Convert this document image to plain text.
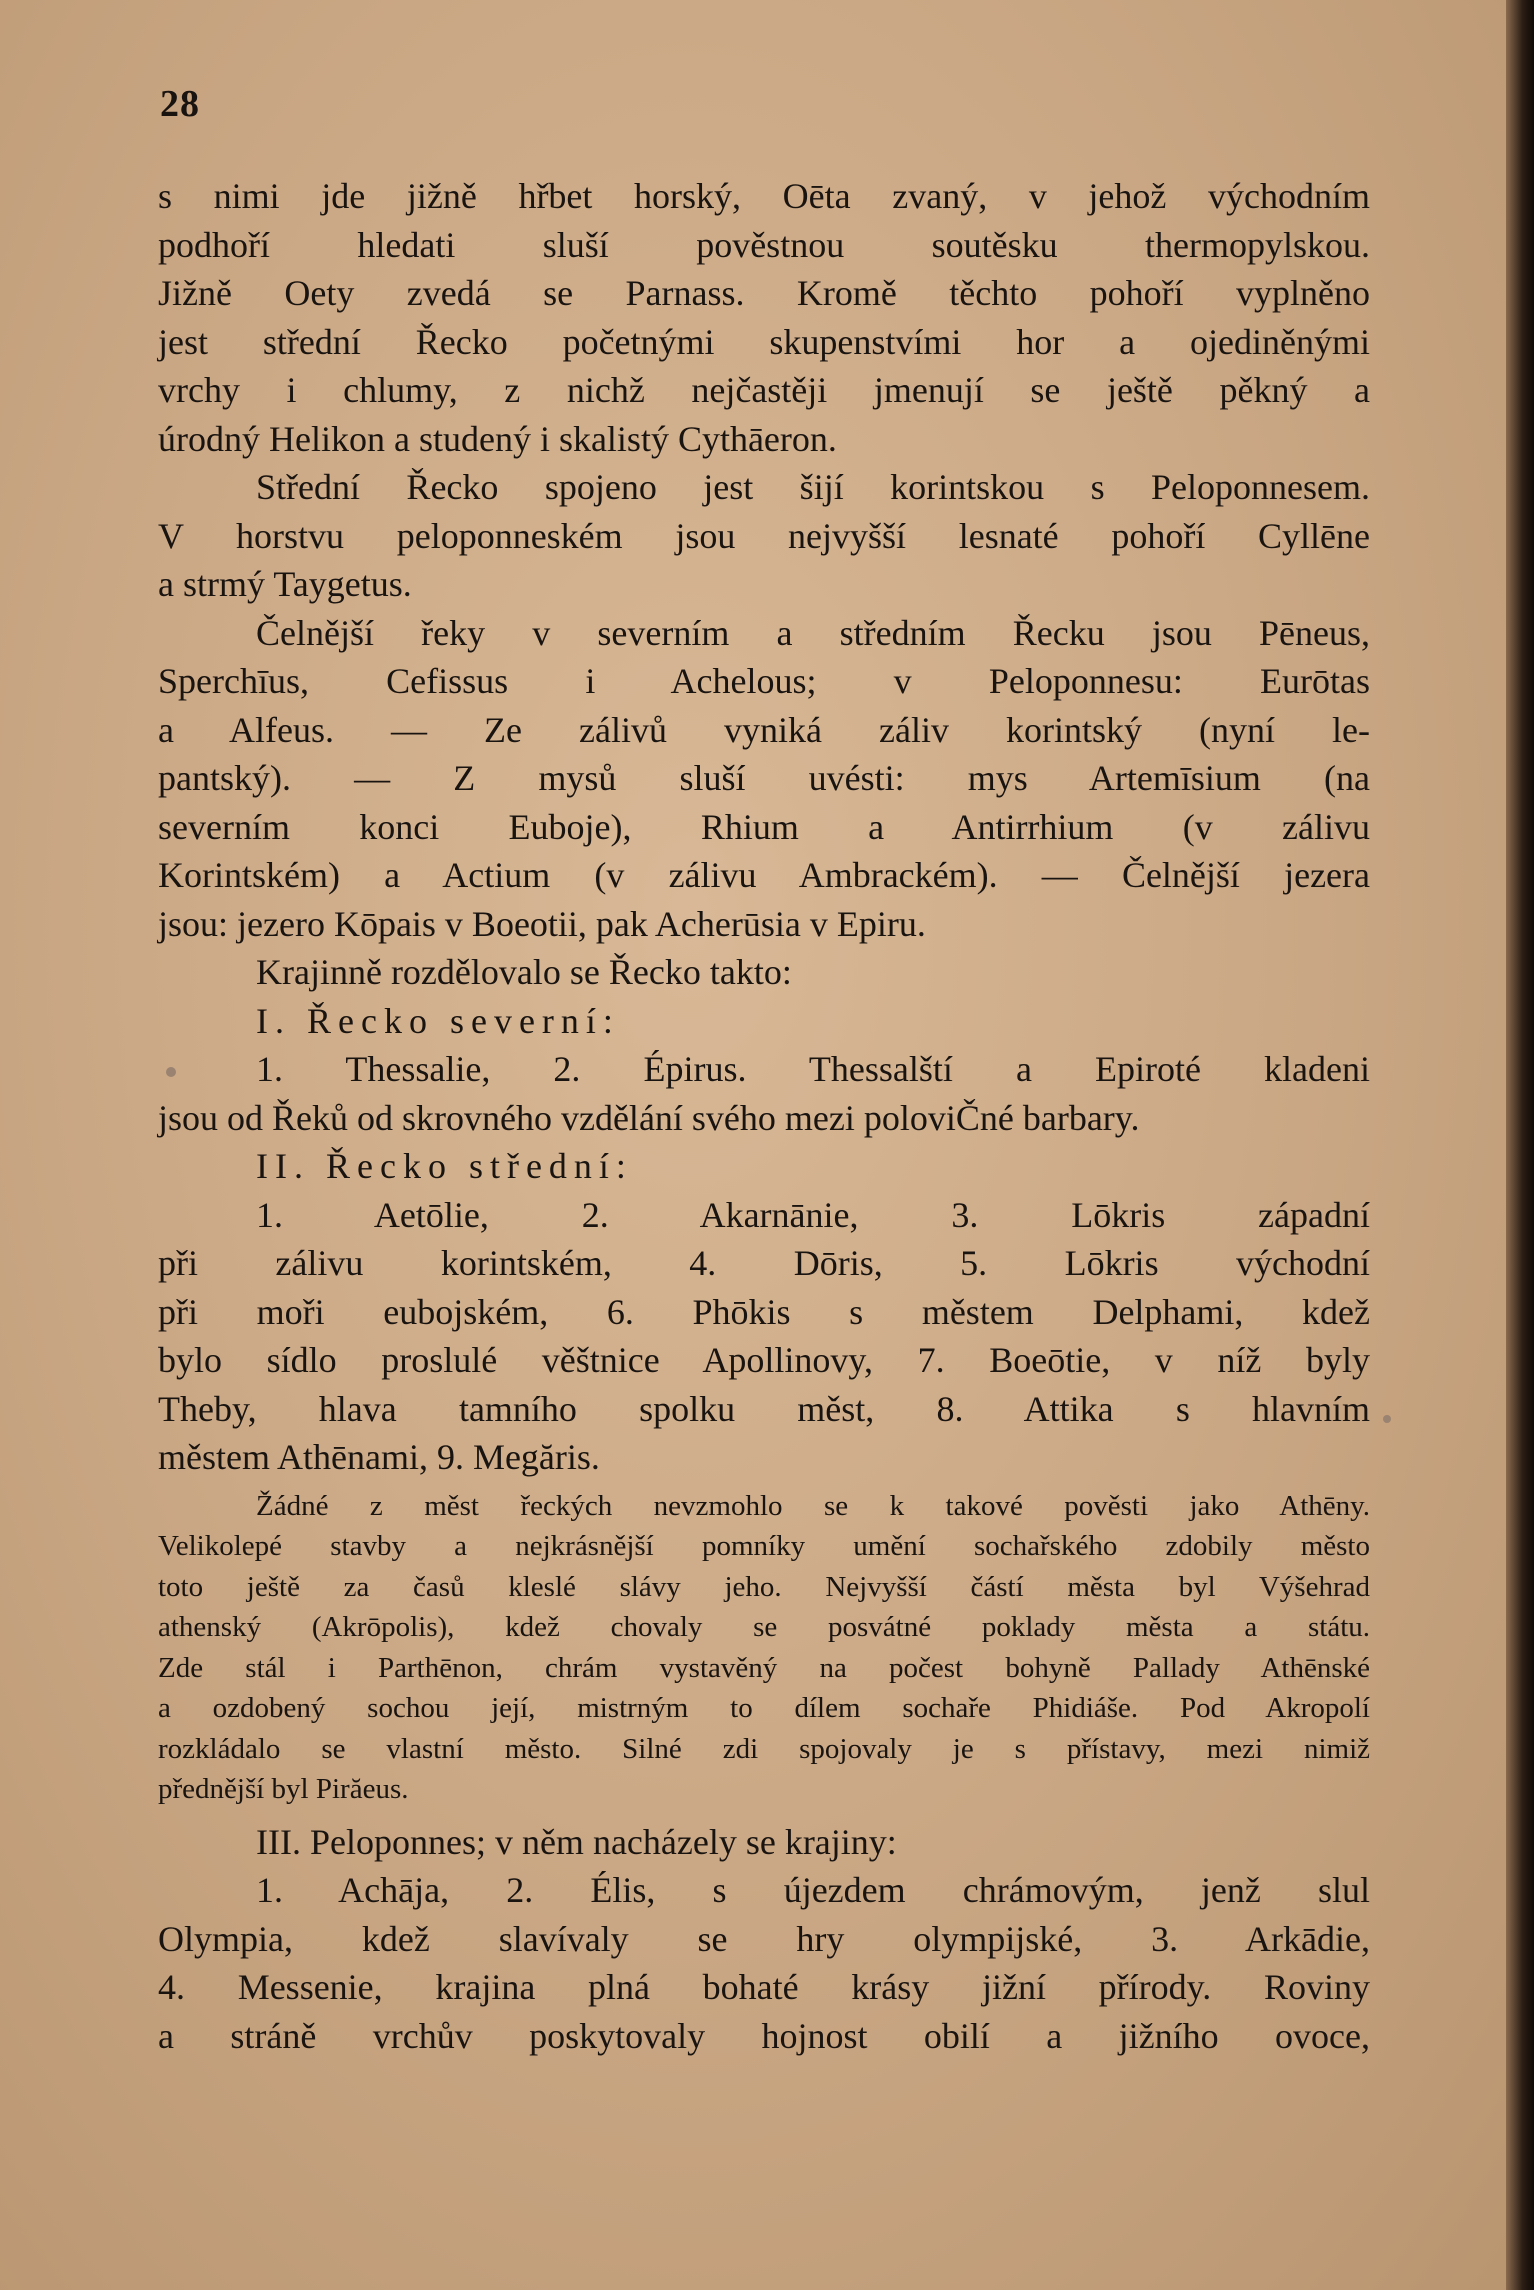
28
s nimi jde jižně hřbet horský, Oēta zvaný, v jehož východním
podhoří hledati sluší pověstnou soutěsku thermopylskou.
Jižně Oety zvedá se Parnass. Kromě těchto pohoří vyplněno
jest střední Řecko početnými skupenstvími hor a ojediněnými
vrchy i chlumy, z nichž nejčastěji jmenují se ještě pěkný a
úrodný Helikon a studený i skalistý Cythāeron.
Střední Řecko spojeno jest šijí korintskou s Peloponnesem.
V horstvu peloponneském jsou nejvyšší lesnaté pohoří Cyllēne
a strmý Taygetus.
Čelnější řeky v severním a středním Řecku jsou Pēneus,
Sperchīus, Cefissus i Achelous; v Peloponnesu: Eurōtas
a Alfeus. — Ze zálivů vyniká záliv korintský (nyní le-
pantský). — Z mysů sluší uvésti: mys Artemīsium (na
severním konci Euboje), Rhium a Antirrhium (v zálivu
Korintském) a Actium (v zálivu Ambrackém). — Čelnější jezera
jsou: jezero Kōpais v Boeotii, pak Acherūsia v Epiru.
Krajinně rozdělovalo se Řecko takto:
I. Řecko severní:
1. Thessalie, 2. Épirus. Thessalští a Epiroté kladeni
jsou od Řeků od skrovného vzdělání svého mezi poloviČné barbary.
II. Řecko střední:
1. Aetōlie, 2. Akarnānie, 3. Lōkris západní
při zálivu korintském, 4. Dōris, 5. Lōkris východní
při moři eubojském, 6. Phōkis s městem Delphami, kdež
bylo sídlo proslulé věštnice Apollinovy, 7. Boeōtie, v níž byly
Theby, hlava tamního spolku měst, 8. Attika s hlavním
městem Athēnami, 9. Megăris.
Žádné z měst řeckých nevzmohlo se k takové pověsti jako Athēny.
Velikolepé stavby a nejkrásnější pomníky umění sochařského zdobily město
toto ještě za časů kleslé slávy jeho. Nejvyšší částí města byl Výšehrad
athenský (Akrōpolis), kdež chovaly se posvátné poklady města a státu.
Zde stál i Parthēnon, chrám vystavěný na počest bohyně Pallady Athēnské
a ozdobený sochou její, mistrným to dílem sochaře Phidiáše. Pod Akropolí
rozkládalo se vlastní město. Silné zdi spojovaly je s přístavy, mezi nimiž
přednější byl Pirăeus.
III. Peloponnes; v něm nacházely se krajiny:
1. Achāja, 2. Élis, s újezdem chrámovým, jenž slul
Olympia, kdež slavívaly se hry olympijské, 3. Arkādie,
4. Messenie, krajina plná bohaté krásy jižní přírody. Roviny
a stráně vrchův poskytovaly hojnost obilí a jižního ovoce,
